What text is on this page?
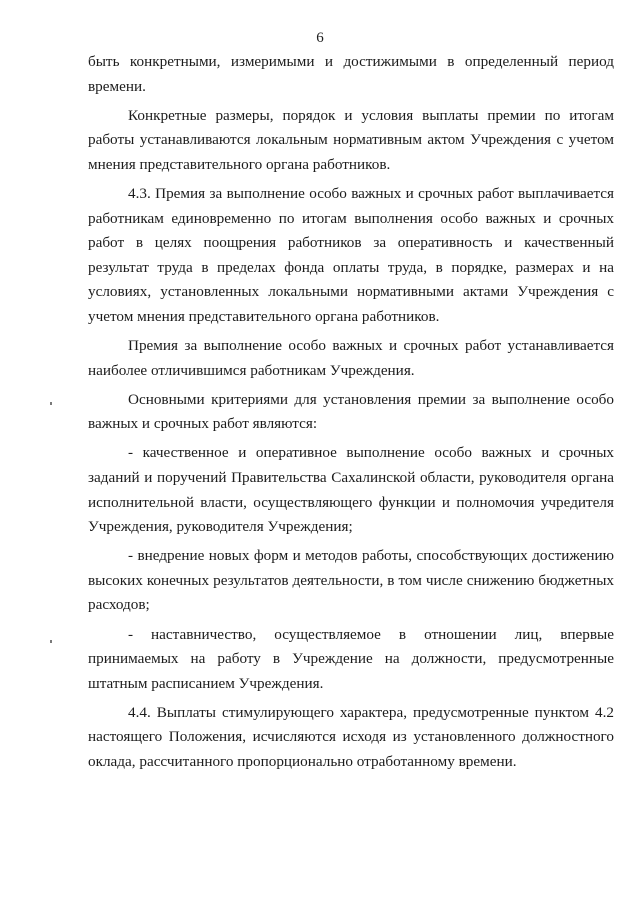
6

быть конкретными, измеримыми и достижимыми в определенный период времени.

Конкретные размеры, порядок и условия выплаты премии по итогам работы устанавливаются локальным нормативным актом Учреждения с учетом мнения представительного органа работников.

4.3. Премия за выполнение особо важных и срочных работ выплачивается работникам единовременно по итогам выполнения особо важных и срочных работ в целях поощрения работников за оперативность и качественный результат труда в пределах фонда оплаты труда, в порядке, размерах и на условиях, установленных локальными нормативными актами Учреждения с учетом мнения представительного органа работников.

Премия за выполнение особо важных и срочных работ устанавливается наиболее отличившимся работникам Учреждения.

Основными критериями для установления премии за выполнение особо важных и срочных работ являются:

- качественное и оперативное выполнение особо важных и срочных заданий и поручений Правительства Сахалинской области, руководителя органа исполнительной власти, осуществляющего функции и полномочия учредителя Учреждения, руководителя Учреждения;

- внедрение новых форм и методов работы, способствующих достижению высоких конечных результатов деятельности, в том числе снижению бюджетных расходов;

- наставничество, осуществляемое в отношении лиц, впервые принимаемых на работу в Учреждение на должности, предусмотренные штатным расписанием Учреждения.

4.4. Выплаты стимулирующего характера, предусмотренные пунктом 4.2 настоящего Положения, исчисляются исходя из установленного должностного оклада, рассчитанного пропорционально отработанному времени.
